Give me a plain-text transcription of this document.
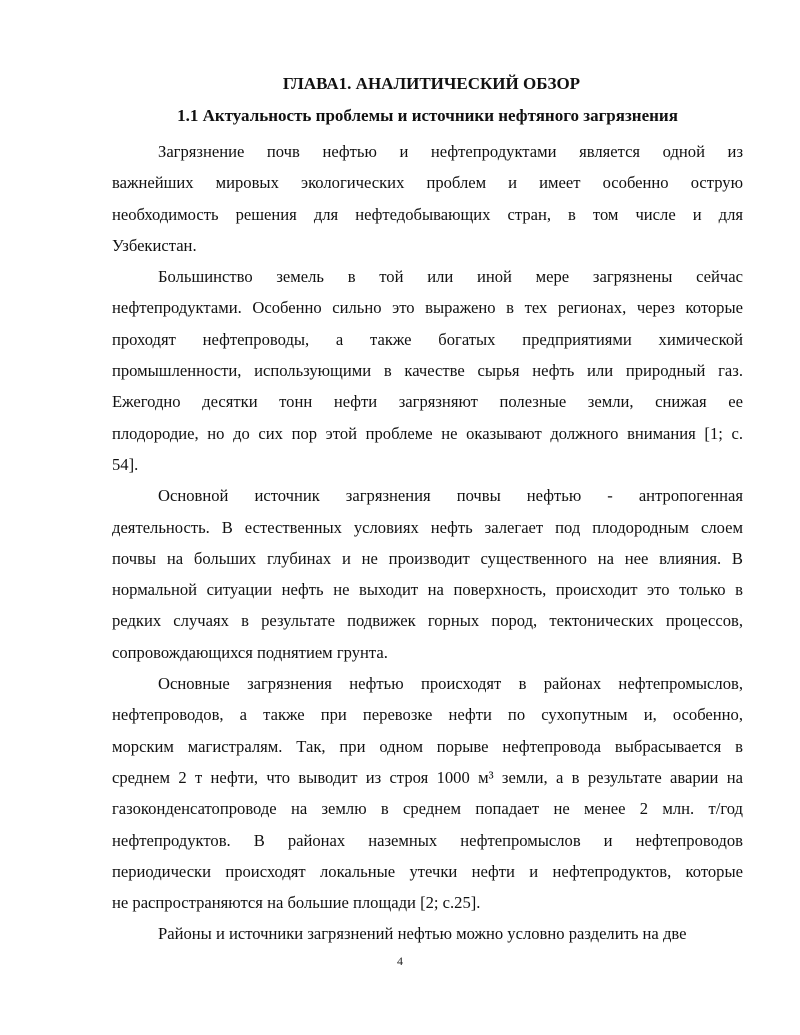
ГЛАВА1. АНАЛИТИЧЕСКИЙ ОБЗОР
1.1 Актуальность проблемы и источники нефтяного загрязнения

Загрязнение почв нефтью и нефтепродуктами является одной из
важнейших мировых экологических проблем и имеет особенно острую
необходимость решения для нефтедобывающих стран, в том числе и для
Узбекистан.

Большинство земель в той или иной мере загрязнены сейчас
нефтепродуктами. Особенно сильно это выражено в тех регионах, через которые
проходят нефтепроводы, а также богатых предприятиями химической
промышленности, использующими в качестве сырья нефть или природный газ.
Ежегодно десятки тонн нефти загрязняют полезные земли, снижая ее
плодородие, но до сих пор этой проблеме не оказывают должного внимания [1; с.
54].

Основной источник загрязнения почвы нефтью - антропогенная
деятельность. В естественных условиях нефть залегает под плодородным слоем
почвы на больших глубинах и не производит существенного на нее влияния. В
нормальной ситуации нефть не выходит на поверхность, происходит это только в
редких случаях в результате подвижек горных пород, тектонических процессов,
сопровождающихся поднятием грунта.

Основные загрязнения нефтью происходят в районах нефтепромыслов,
нефтепроводов, а также при перевозке нефти по сухопутным и, особенно,
морским магистралям. Так, при одном порыве нефтепровода выбрасывается в
среднем 2 т нефти, что выводит из строя 1000 м³ земли, а в результате аварии на
газоконденсатопроводе на землю в среднем попадает не менее 2 млн. т/год
нефтепродуктов. В районах наземных нефтепромыслов и нефтепроводов
периодически происходят локальные утечки нефти и нефтепродуктов, которые
не распространяются на большие площади [2; с.25].

Районы и источники загрязнений нефтью можно условно разделить на две

4
